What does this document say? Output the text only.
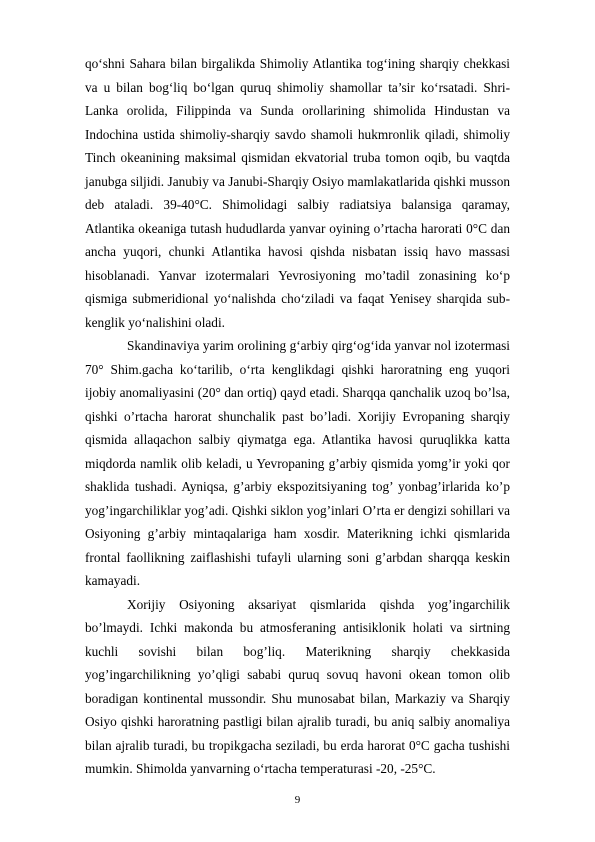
qo‘shni Sahara bilan birgalikda Shimoliy Atlantika tog‘ining sharqiy chekkasi va u bilan bog‘liq bo‘lgan quruq shimoliy shamollar ta’sir ko‘rsatadi. Shri-Lanka orolida, Filippinda va Sunda orollarining shimolida Hindustan va Indochina ustida shimoliy-sharqiy savdo shamoli hukmronlik qiladi, shimoliy Tinch okeanining maksimal qismidan ekvatorial truba tomon oqib, bu vaqtda janubga siljidi. Janubiy va Janubi-Sharqiy Osiyo mamlakatlarida qishki musson deb ataladi. 39-40°C. Shimolidagi salbiy radiatsiya balansiga qaramay, Atlantika okeaniga tutash hududlarda yanvar oyining o’rtacha harorati 0°C dan ancha yuqori, chunki Atlantika havosi qishda nisbatan issiq havo massasi hisoblanadi. Yanvar izotermalari Yevrosiyoning mo’tadil zonasining ko‘p qismiga submeridional yo‘nalishda cho‘ziladi va faqat Yenisey sharqida sub-kenglik yo‘nalishini oladi.

Skandinaviya yarim orolining g‘arbiy qirg‘og‘ida yanvar nol izotermasi 70° Shim.gacha ko‘tarilib, o‘rta kenglikdagi qishki haroratning eng yuqori ijobiy anomaliyasini (20° dan ortiq) qayd etadi. Sharqqa qanchalik uzoq bo’lsa, qishki o’rtacha harorat shunchalik past bo’ladi. Xorijiy Evropaning sharqiy qismida allaqachon salbiy qiymatga ega. Atlantika havosi quruqlikka katta miqdorda namlik olib keladi, u Yevropaning g’arbiy qismida yomg’ir yoki qor shaklida tushadi. Ayniqsa, g’arbiy ekspozitsiyaning tog’ yonbag’irlarida ko’p yog’ingarchiliklar yog’adi. Qishki siklon yog’inlari O’rta er dengizi sohillari va Osiyoning g’arbiy mintaqalariga ham xosdir. Materikning ichki qismlarida frontal faollikning zaiflashishi tufayli ularning soni g’arbdan sharqqa keskin kamayadi.

Xorijiy Osiyoning aksariyat qismlarida qishda yog’ingarchilik bo’lmaydi. Ichki makonda bu atmosferaning antisiklonik holati va sirtning kuchli sovishi bilan bog’liq. Materikning sharqiy chekkasida yog’ingarchilikning yo’qligi sababi quruq sovuq havoni okean tomon olib boradigan kontinental mussondir. Shu munosabat bilan, Markaziy va Sharqiy Osiyo qishki haroratning pastligi bilan ajralib turadi, bu aniq salbiy anomaliya bilan ajralib turadi, bu tropikgacha seziladi, bu erda harorat 0°C gacha tushishi mumkin. Shimolda yanvarning o‘rtacha temperaturasi -20, -25°C.

9
